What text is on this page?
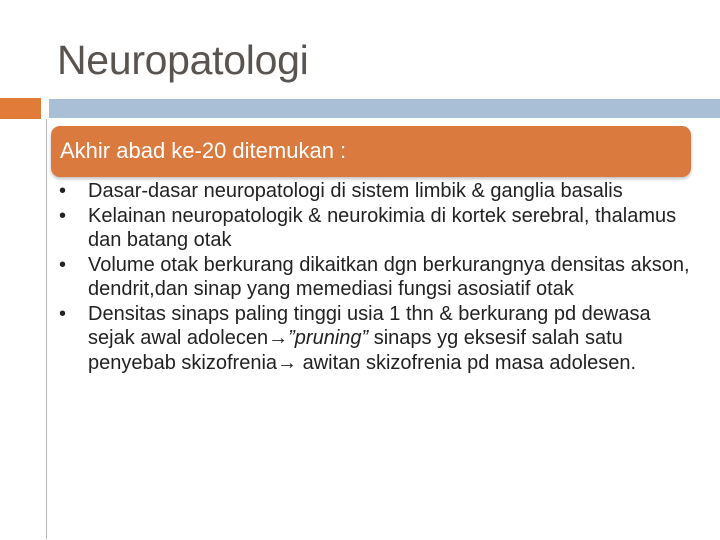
Neuropatologi
Akhir abad ke-20 ditemukan :
•	Dasar-dasar neuropatologi di sistem limbik & ganglia basalis
•	Kelainan neuropatologik & neurokimia di kortek serebral, thalamus dan batang otak
•	Volume otak berkurang dikaitkan dgn berkurangnya densitas akson, dendrit,dan sinap yang memediasi fungsi asosiatif otak
•	Densitas sinaps paling tinggi usia 1 thn & berkurang pd dewasa sejak awal adolecen→”pruning” sinaps yg eksesif salah satu penyebab skizofrenia→ awitan skizofrenia pd masa adolesen.
